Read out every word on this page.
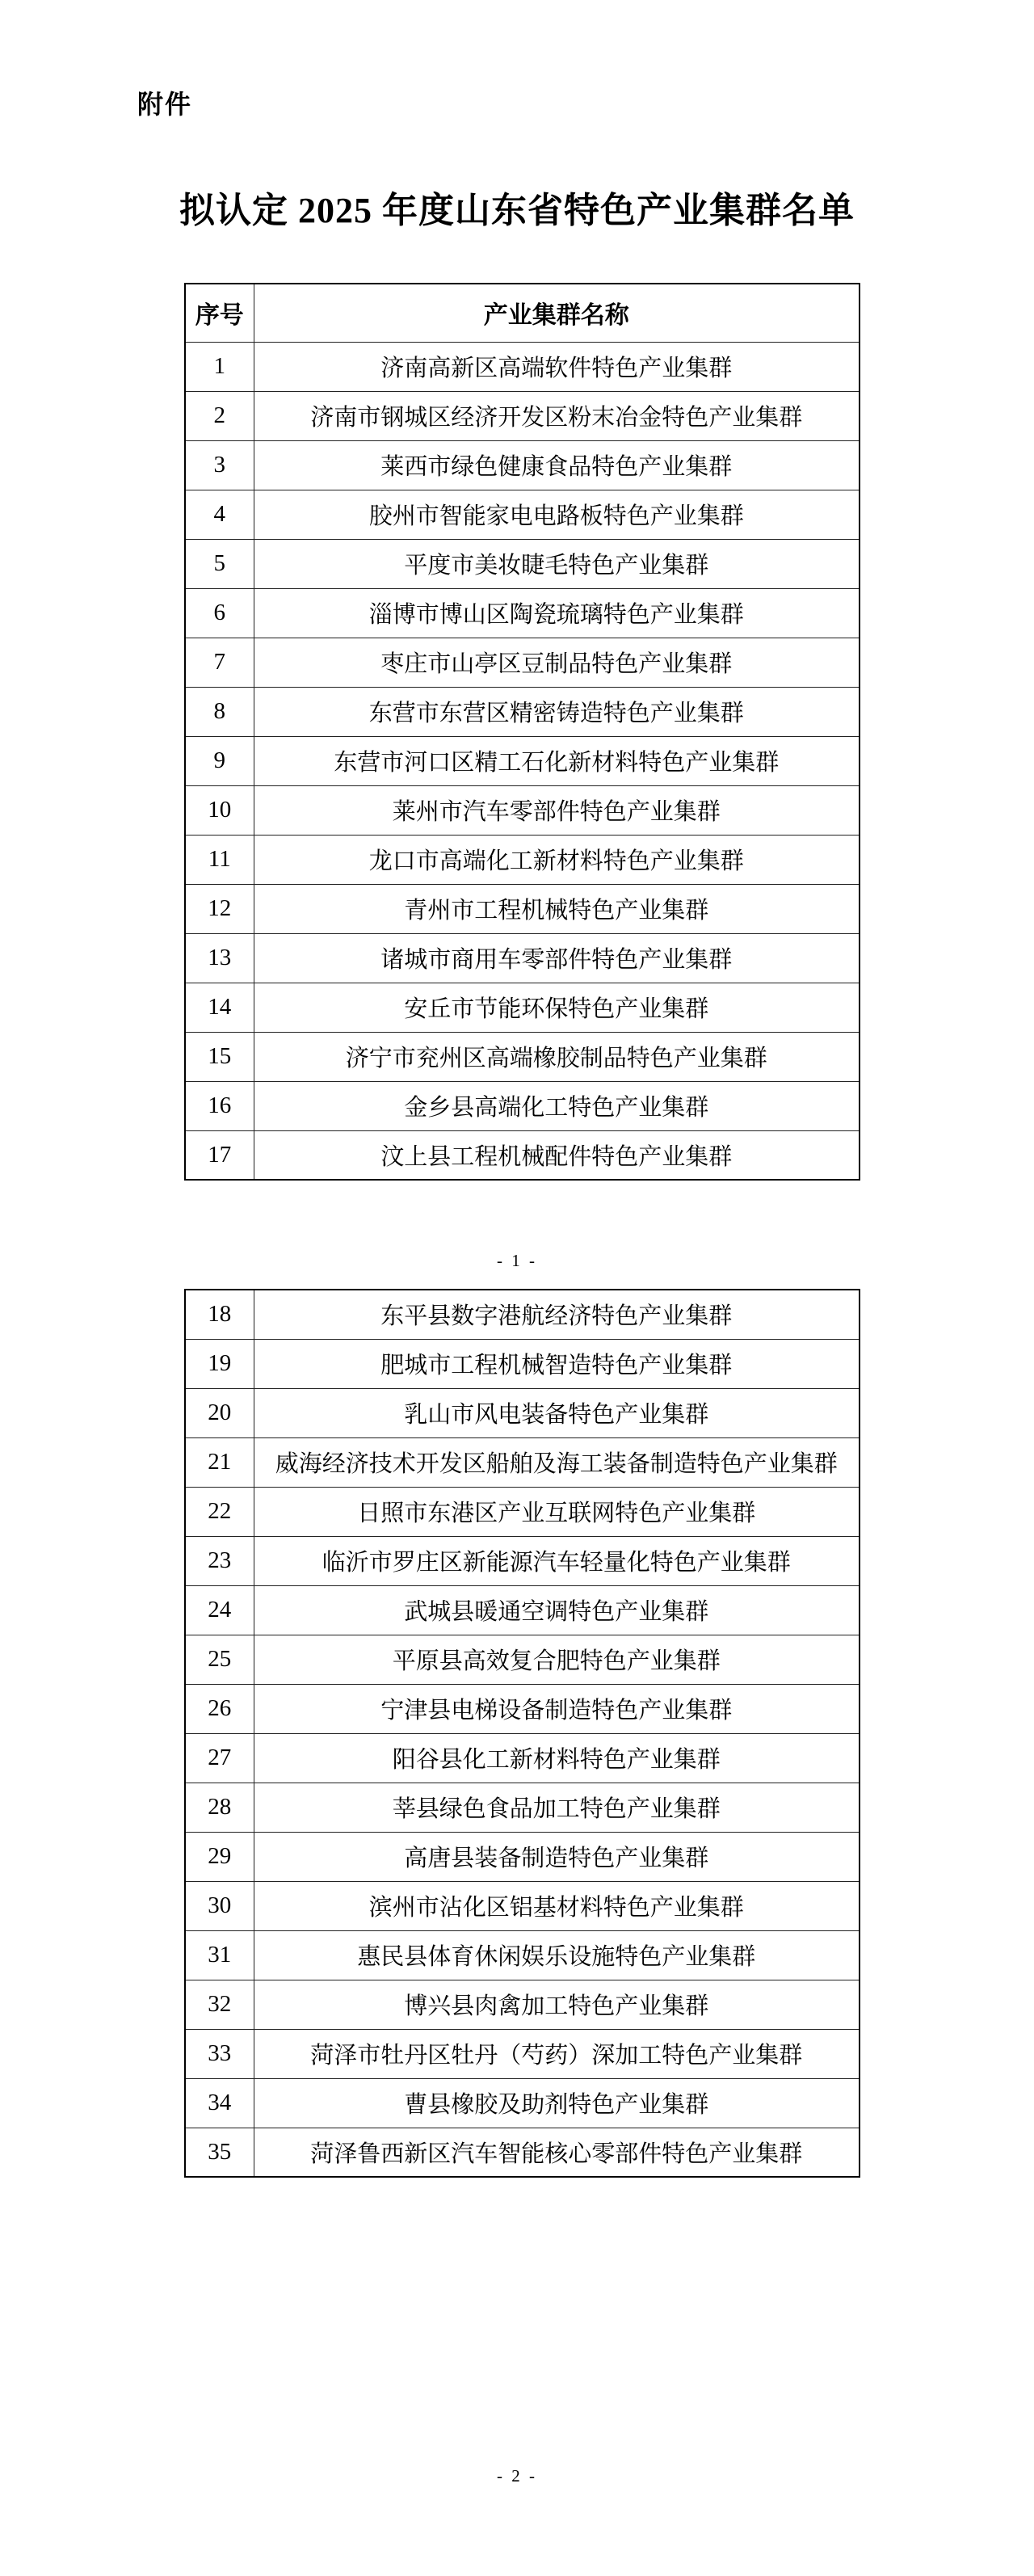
附件
拟认定 2025 年度山东省特色产业集群名单
序号	产业集群名称
1	济南高新区高端软件特色产业集群
2	济南市钢城区经济开发区粉末冶金特色产业集群
3	莱西市绿色健康食品特色产业集群
4	胶州市智能家电电路板特色产业集群
5	平度市美妆睫毛特色产业集群
6	淄博市博山区陶瓷琉璃特色产业集群
7	枣庄市山亭区豆制品特色产业集群
8	东营市东营区精密铸造特色产业集群
9	东营市河口区精工石化新材料特色产业集群
10	莱州市汽车零部件特色产业集群
11	龙口市高端化工新材料特色产业集群
12	青州市工程机械特色产业集群
13	诸城市商用车零部件特色产业集群
14	安丘市节能环保特色产业集群
15	济宁市兖州区高端橡胶制品特色产业集群
16	金乡县高端化工特色产业集群
17	汶上县工程机械配件特色产业集群
- 1 -
18	东平县数字港航经济特色产业集群
19	肥城市工程机械智造特色产业集群
20	乳山市风电装备特色产业集群
21	威海经济技术开发区船舶及海工装备制造特色产业集群
22	日照市东港区产业互联网特色产业集群
23	临沂市罗庄区新能源汽车轻量化特色产业集群
24	武城县暖通空调特色产业集群
25	平原县高效复合肥特色产业集群
26	宁津县电梯设备制造特色产业集群
27	阳谷县化工新材料特色产业集群
28	莘县绿色食品加工特色产业集群
29	高唐县装备制造特色产业集群
30	滨州市沾化区铝基材料特色产业集群
31	惠民县体育休闲娱乐设施特色产业集群
32	博兴县肉禽加工特色产业集群
33	菏泽市牡丹区牡丹（芍药）深加工特色产业集群
34	曹县橡胶及助剂特色产业集群
35	菏泽鲁西新区汽车智能核心零部件特色产业集群
- 2 -
